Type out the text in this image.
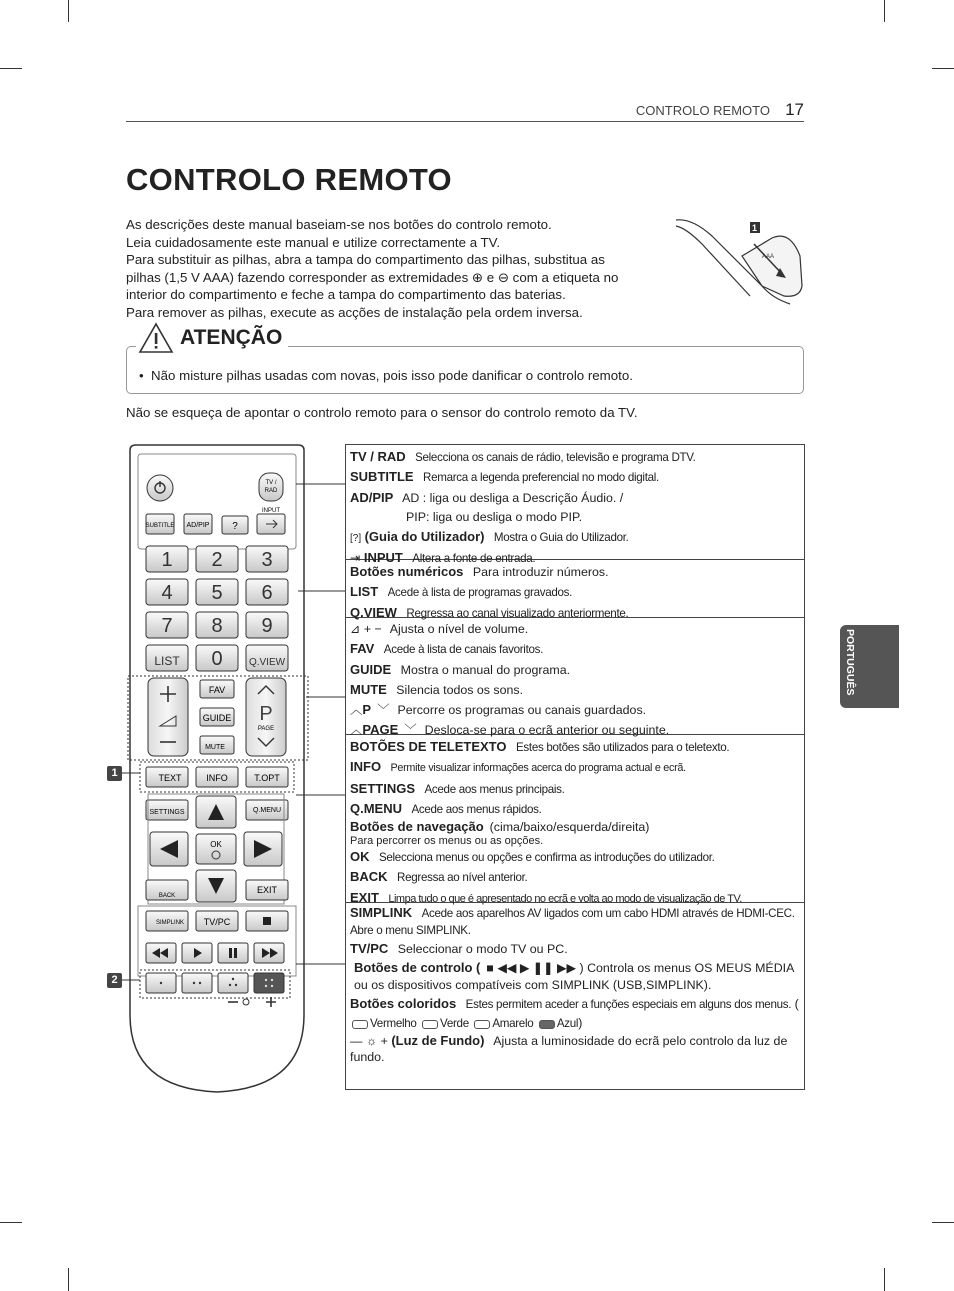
CONTROLO REMOTO 17
CONTROLO REMOTO
As descrições deste manual baseiam-se nos botões do controlo remoto.
Leia cuidadosamente este manual e utilize correctamente a TV.
Para substituir as pilhas, abra a tampa do compartimento das pilhas, substitua as
pilhas (1,5 V AAA) fazendo corresponder as extremidades ⊕ e ⊖ com a etiqueta no
interior do compartimento e feche a tampa do compartimento das baterias.
Para remover as pilhas, execute as acções de instalação pela ordem inversa.
AAA
1
•  Não misture pilhas usadas com novas, pois isso pode danificar o controlo remoto.
ATENÇÃO
Não se esqueça de apontar o controlo remoto para o sensor do controlo remoto da TV.
PORTUGUÊS
TV /
RAD
SUBTITLE AD/PIP ?
INPUT
1 2 3
4 5 6
7 8 9
LIST 0	Q.VIEW
FAV
GUIDE
MUTE
P
PAGE
TEXT	INFO	T.OPT
SETTINGS	Q.MENU
OK
BACK
EXIT
SIMPLINK TV/PC
1
2
TV / RAD Selecciona os canais de rádio, televisão e programa DTV.
SUBTITLE Remarca a legenda preferencial no modo digital.
AD/PIP AD : liga ou desliga a Descrição Áudio. /
PIP: liga ou desliga o modo PIP.
[?] (Guia do Utilizador) Mostra o Guia do Utilizador.
⇥ INPUT Altera a fonte de entrada.
Botões numéricos Para introduzir números.
LIST Acede à lista de programas gravados.
Q.VIEW Regressa ao canal visualizado anteriormente.
⊿ + − Ajusta o nível de volume.
FAV Acede à lista de canais favoritos.
GUIDE Mostra o manual do programa.
MUTE Silencia todos os sons.
︿P ﹀ Percorre os programas ou canais guardados.
︿PAGE ﹀ Desloca-se para o ecrã anterior ou seguinte.
BOTÕES DE TELETEXTO Estes botões são utilizados para o teletexto.
INFO Permite visualizar informações acerca do programa actual e ecrã.
SETTINGS Acede aos menus principais.
Q.MENU Acede aos menus rápidos.
Botões de navegação (cima/baixo/esquerda/direita)
Para percorrer os menus ou as opções.
OK Selecciona menus ou opções e confirma as introduções do utilizador.
BACK Regressa ao nível anterior.
EXIT Limpa tudo o que é apresentado no ecrã e volta ao modo de visualização de TV.
SIMPLINK Acede aos aparelhos AV ligados com um cabo HDMI através de HDMI-CEC. Abre o menu SIMPLINK.
TV/PC Seleccionar o modo TV ou PC.
Botões de controlo ( ■ ◀◀ ▶ ❚❚ ▶▶ ) Controla os menus OS MEUS MÉDIA ou os dispositivos compatíveis com SIMPLINK (USB,SIMPLINK).
Botões coloridos Estes permitem aceder a funções especiais em alguns dos menus. (Vermelho Verde Amarelo Azul)
— ☼ + (Luz de Fundo) Ajusta a luminosidade do ecrã pelo controlo da luz de fundo.
